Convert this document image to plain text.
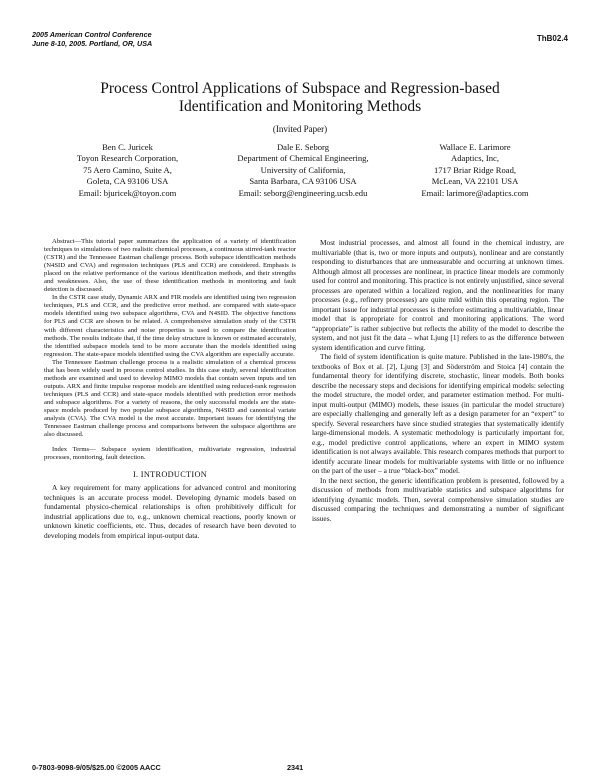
2005 American Control Conference
June 8-10, 2005. Portland, OR, USA
ThB02.4
Process Control Applications of Subspace and Regression-based
Identification and Monitoring Methods
(Invited Paper)
Ben C. Juricek
Toyon Research Corporation,
75 Aero Camino, Suite A,
Goleta, CA 93106 USA
Email: bjuricek@toyon.com
Dale E. Seborg
Department of Chemical Engineering,
University of California,
Santa Barbara, CA 93106 USA
Email: seborg@engineering.ucsb.edu
Wallace E. Larimore
Adaptics, Inc,
1717 Briar Ridge Road,
McLean, VA 22101 USA
Email: larimore@adaptics.com

Abstract—This tutorial paper summarizes the application of a variety of identification techniques to simulations of two realistic chemical processes, a continuous stirred-tank reactor (CSTR) and the Tennessee Eastman challenge process. Both subspace identification methods (N4SID and CVA) and regression techniques (PLS and CCR) are considered. Emphasis is placed on the relative performance of the various identification methods, and their strengths and weaknesses. Also, the use of these identification methods in monitoring and fault detection is discussed.

In the CSTR case study, Dynamic ARX and FIR models are identified using two regression techniques, PLS and CCR, and the predictive error method. are compared with state-space models identified using two subspace algorithms, CVA and N4SID. The objective functions for PLS and CCR are shown to be related. A comprehensive simulation study of the CSTR with different characteristics and noise properties is used to compare the identification methods. The results indicate that, if the time delay structure is known or estimated accurately, the identified subspace models tend to be more accurate than the models identified using regression. The state-space models identified using the CVA algorithm are especially accurate.

The Tennessee Eastman challenge process is a realistic simulation of a chemical process that has been widely used in process control studies. In this case study, several identification methods are examined and used to develop MIMO models that contain seven inputs and ten outputs. ARX and finite impulse response models are identified using reduced-rank regression techniques (PLS and CCR) and state-space models identified with prediction error methods and subspace algorithms. For a variety of reasons, the only successful models are the state-space models produced by two popular subspace algorithms, N4SID and canonical variate analysis (CVA). The CVA model is the most accurate. Important issues for identifying the Tennessee Eastman challenge process and comparisons between the subspace algorithms are also discussed.

Index Terms— Subspace system identification, multivariate regression, industrial processes, monitoring, fault detection.

I. INTRODUCTION

A key requirement for many applications for advanced control and monitoring techniques is an accurate process model. Developing dynamic models based on fundamental physico-chemical relationships is often prohibitively difficult for industrial applications due to, e.g., unknown chemical reactions, poorly known or unknown kinetic coefficients, etc. Thus, decades of research have been devoted to developing models from empirical input-output data.

Most industrial processes, and almost all found in the chemical industry, are multivariable (that is, two or more inputs and outputs), nonlinear and are constantly responding to disturbances that are unmeasurable and occurring at unknown times. Although almost all processes are nonlinear, in practice linear models are commonly used for control and monitoring. This practice is not entirely unjustified, since several processes are operated within a localized region, and the nonlinearities for many processes (e.g., refinery processes) are quite mild within this operating region. The important issue for industrial processes is therefore estimating a multivariable, linear model that is appropriate for control and monitoring applications. The word “appropriate” is rather subjective but reflects the ability of the model to describe the system, and not just fit the data – what Ljung [1] refers to as the difference between system identification and curve fitting.

The field of system identification is quite mature. Published in the late-1980's, the textbooks of Box et al. [2], Ljung [3] and Söderström and Stoica [4] contain the fundamental theory for identifying discrete, stochastic, linear models. Both books describe the necessary steps and decisions for identifying empirical models: selecting the model structure, the model order, and parameter estimation method. For multi-input multi-output (MIMO) models, these issues (in particular the model structure) are especially challenging and generally left as a design parameter for an “expert” to specify. Several researchers have since studied strategies that systematically identify large-dimensional models. A systematic methodology is particularly important for, e.g., model predictive control applications, where an expert in MIMO system identification is not always available. This research compares methods that purport to identify accurate linear models for multivariable systems with little or no influence on the part of the user – a true “black-box” model.

In the next section, the generic identification problem is presented, followed by a discussion of methods from multivariable statistics and subspace algorithms for identifying dynamic models. Then, several comprehensive simulation studies are discussed comparing the techniques and demonstrating a number of significant issues.

0-7803-9098-9/05/$25.00 ©2005 AACC	2341
